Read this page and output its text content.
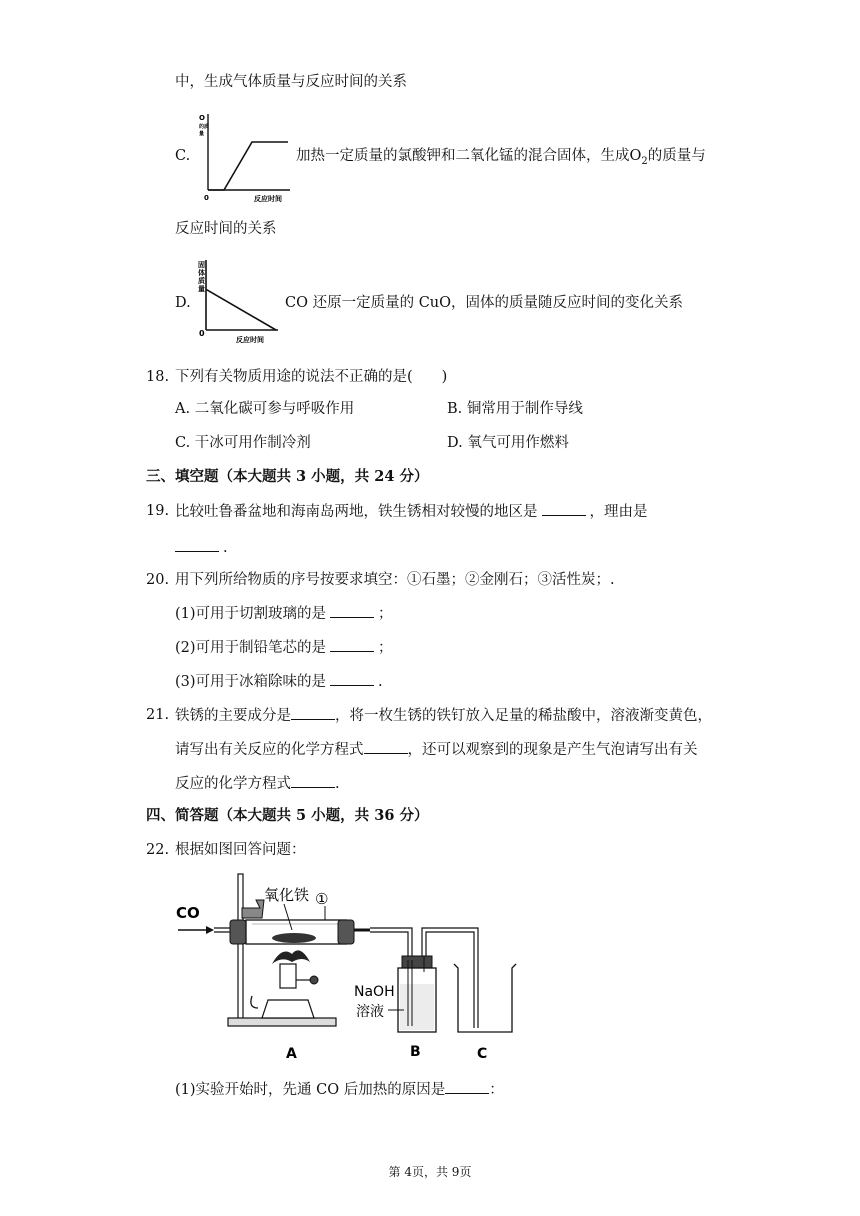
中，生成气体质量与反应时间的关系
C.
O
的质
量
0	反应时间
加热一定质量的氯酸钾和二氧化锰的混合固体，生成$O_2$的质量与
反应时间的关系
D.
固
体
质
量
0
反应时间
CO 还原一定质量的 CuO，固体的质量随反应时间的变化关系
18. 下列有关物质用途的说法不正确的是(　　)
A. 二氧化碳可参与呼吸作用	B. 铜常用于制作导线
C. 干冰可用作制冷剂	D. 氧气可用作燃料
三、填空题（本大题共 3 小题，共 24 分）
19. 比较吐鲁番盆地和海南岛两地，铁生锈相对较慢的地区是	，理由是
.
20. 用下列所给物质的序号按要求填空：①石墨；②金刚石；③活性炭；.
(1)可用于切割玻璃的是	；
(2)可用于制铅笔芯的是	；
(3)可用于冰箱除味的是	.
21. 铁锈的主要成分是	，将一枚生锈的铁钉放入足量的稀盐酸中，溶液渐变黄色，
请写出有关反应的化学方程式	，还可以观察到的现象是产生气泡请写出有关
反应的化学方程式	.
四、简答题（本大题共 5 小题，共 36 分）
22. 根据如图回答问题：
CO
氧化铁 ①
NaOH
溶液
A	B	C
(1)实验开始时，先通 CO 后加热的原因是	：
第 4页，共 9页
